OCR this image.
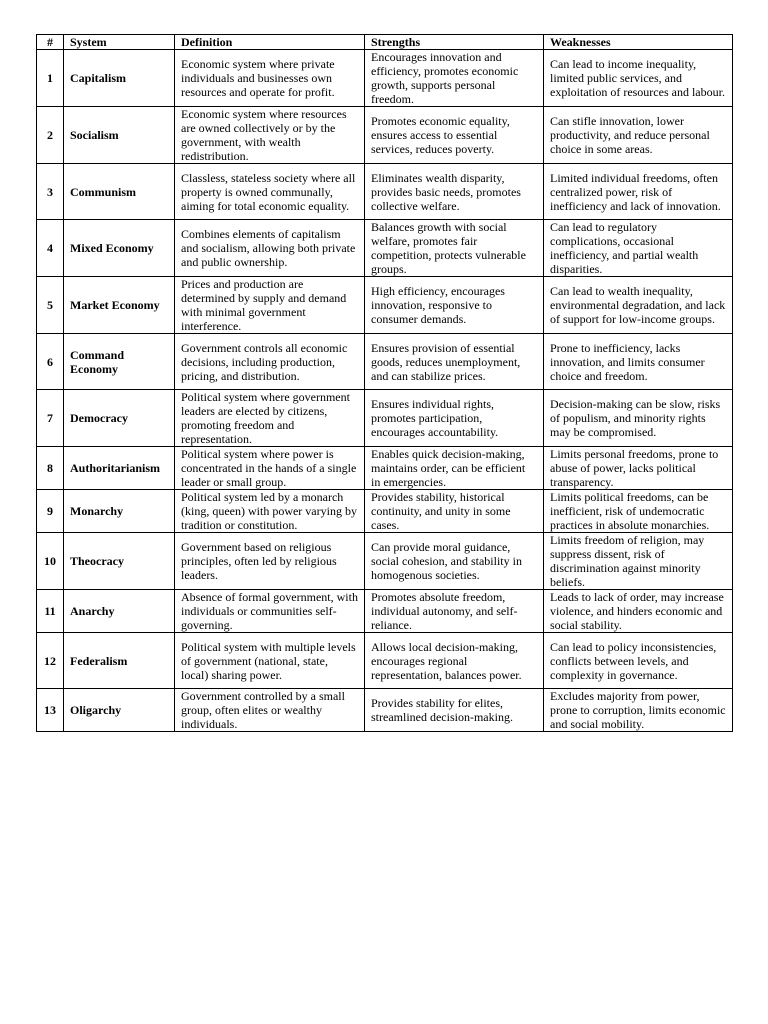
#	System	Definition	Strengths	Weaknesses
1	Capitalism	Economic system where private individuals and businesses own resources and operate for profit.	Encourages innovation and efficiency, promotes economic growth, supports personal freedom.	Can lead to income inequality, limited public services, and exploitation of resources and labour.
2	Socialism	Economic system where resources are owned collectively or by the government, with wealth redistribution.	Promotes economic equality, ensures access to essential services, reduces poverty.	Can stifle innovation, lower productivity, and reduce personal choice in some areas.
3	Communism	Classless, stateless society where all property is owned communally, aiming for total economic equality.	Eliminates wealth disparity, provides basic needs, promotes collective welfare.	Limited individual freedoms, often centralized power, risk of inefficiency and lack of innovation.
4	Mixed Economy	Combines elements of capitalism and socialism, allowing both private and public ownership.	Balances growth with social welfare, promotes fair competition, protects vulnerable groups.	Can lead to regulatory complications, occasional inefficiency, and partial wealth disparities.
5	Market Economy	Prices and production are determined by supply and demand with minimal government interference.	High efficiency, encourages innovation, responsive to consumer demands.	Can lead to wealth inequality, environmental degradation, and lack of support for low-income groups.
6	Command Economy	Government controls all economic decisions, including production, pricing, and distribution.	Ensures provision of essential goods, reduces unemployment, and can stabilize prices.	Prone to inefficiency, lacks innovation, and limits consumer choice and freedom.
7	Democracy	Political system where government leaders are elected by citizens, promoting freedom and representation.	Ensures individual rights, promotes participation, encourages accountability.	Decision-making can be slow, risks of populism, and minority rights may be compromised.
8	Authoritarianism	Political system where power is concentrated in the hands of a single leader or small group.	Enables quick decision-making, maintains order, can be efficient in emergencies.	Limits personal freedoms, prone to abuse of power, lacks political transparency.
9	Monarchy	Political system led by a monarch (king, queen) with power varying by tradition or constitution.	Provides stability, historical continuity, and unity in some cases.	Limits political freedoms, can be inefficient, risk of undemocratic practices in absolute monarchies.
10	Theocracy	Government based on religious principles, often led by religious leaders.	Can provide moral guidance, social cohesion, and stability in homogenous societies.	Limits freedom of religion, may suppress dissent, risk of discrimination against minority beliefs.
11	Anarchy	Absence of formal government, with individuals or communities self-governing.	Promotes absolute freedom, individual autonomy, and self-reliance.	Leads to lack of order, may increase violence, and hinders economic and social stability.
12	Federalism	Political system with multiple levels of government (national, state, local) sharing power.	Allows local decision-making, encourages regional representation, balances power.	Can lead to policy inconsistencies, conflicts between levels, and complexity in governance.
13	Oligarchy	Government controlled by a small group, often elites or wealthy individuals.	Provides stability for elites, streamlined decision-making.	Excludes majority from power, prone to corruption, limits economic and social mobility.
